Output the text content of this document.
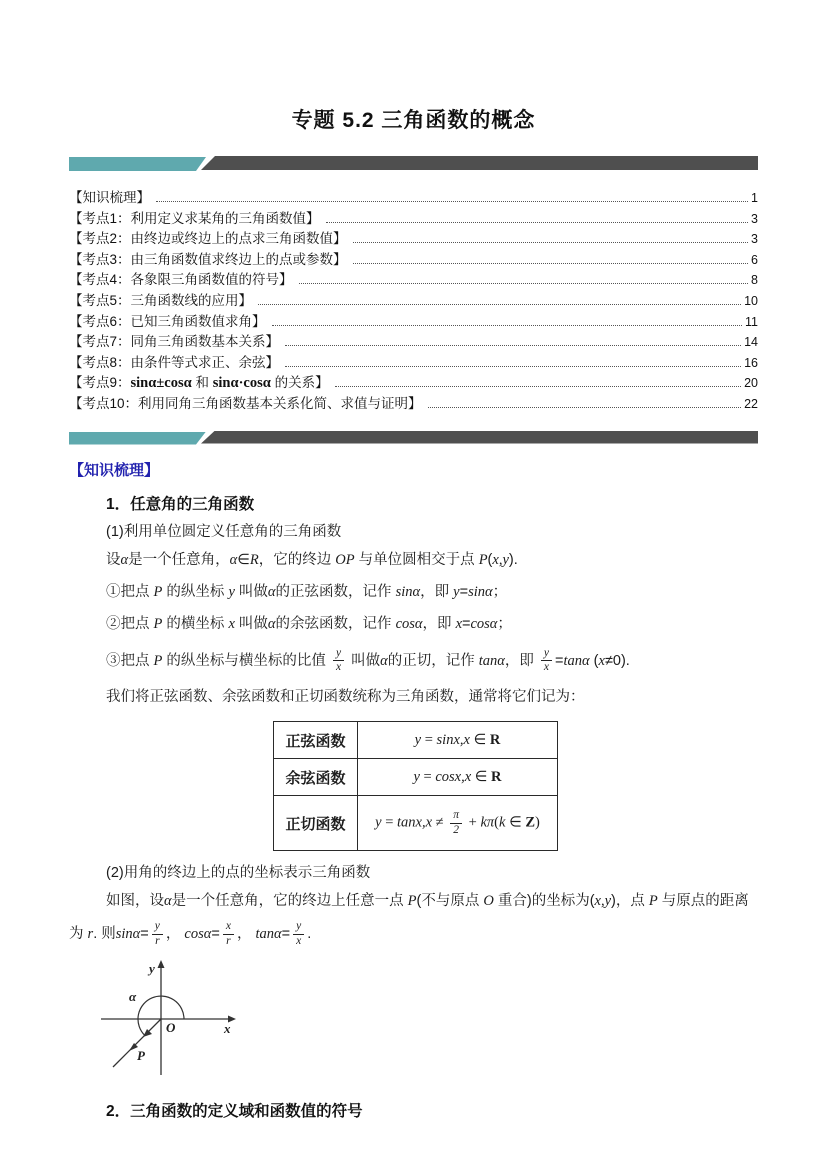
专题 5.2 三角函数的概念
【知识梳理】	1
【考点1：利用定义求某角的三角函数值】	3
【考点2：由终边或终边上的点求三角函数值】	3
【考点3：由三角函数值求终边上的点或参数】	6
【考点4：各象限三角函数值的符号】	8
【考点5：三角函数线的应用】	10
【考点6：已知三角函数值求角】	11
【考点7：同角三角函数基本关系】	14
【考点8：由条件等式求正、余弦】	16
【考点9：sinα±cosα 和 sinα·cosα 的关系】	20
【考点10：利用同角三角函数基本关系化简、求值与证明】	22
【知识梳理】
1．任意角的三角函数
(1)利用单位圆定义任意角的三角函数
设α是一个任意角，α∈R，它的终边 OP 与单位圆相交于点 P(x,y).
①把点 P 的纵坐标 y 叫做α的正弦函数，记作 sinα，即 y=sinα；
②把点 P 的横坐标 x 叫做α的余弦函数，记作 cosα，即 x=cosα；
③把点 P 的纵坐标与横坐标的比值 $\frac{y}{x}$ 叫做α的正切，记作 tanα，即 $\frac{y}{x} =\tan\alpha$ (x≠0).
我们将正弦函数、余弦函数和正切函数统称为三角函数，通常将它们记为：
正弦函数	y = sinx,x ∈ R
余弦函数	y = cosx,x ∈ R
正切函数	$y = \tan x,x \ne \frac{\pi}{2} + k\pi(k$ ∈ Z)
(2)用角的终边上的点的坐标表示三角函数
如图，设α是一个任意角，它的终边上任意一点 P(不与原点 O 重合)的坐标为(x,y)，点 P 与原点的距离
为 r. 则$\sin\alpha= \frac{y}{r}$ ， $\cos\alpha= \frac{x}{r}$ ， $\tan\alpha= \frac{y}{x}$ .
y
x
O
P
α
2．三角函数的定义域和函数值的符号
